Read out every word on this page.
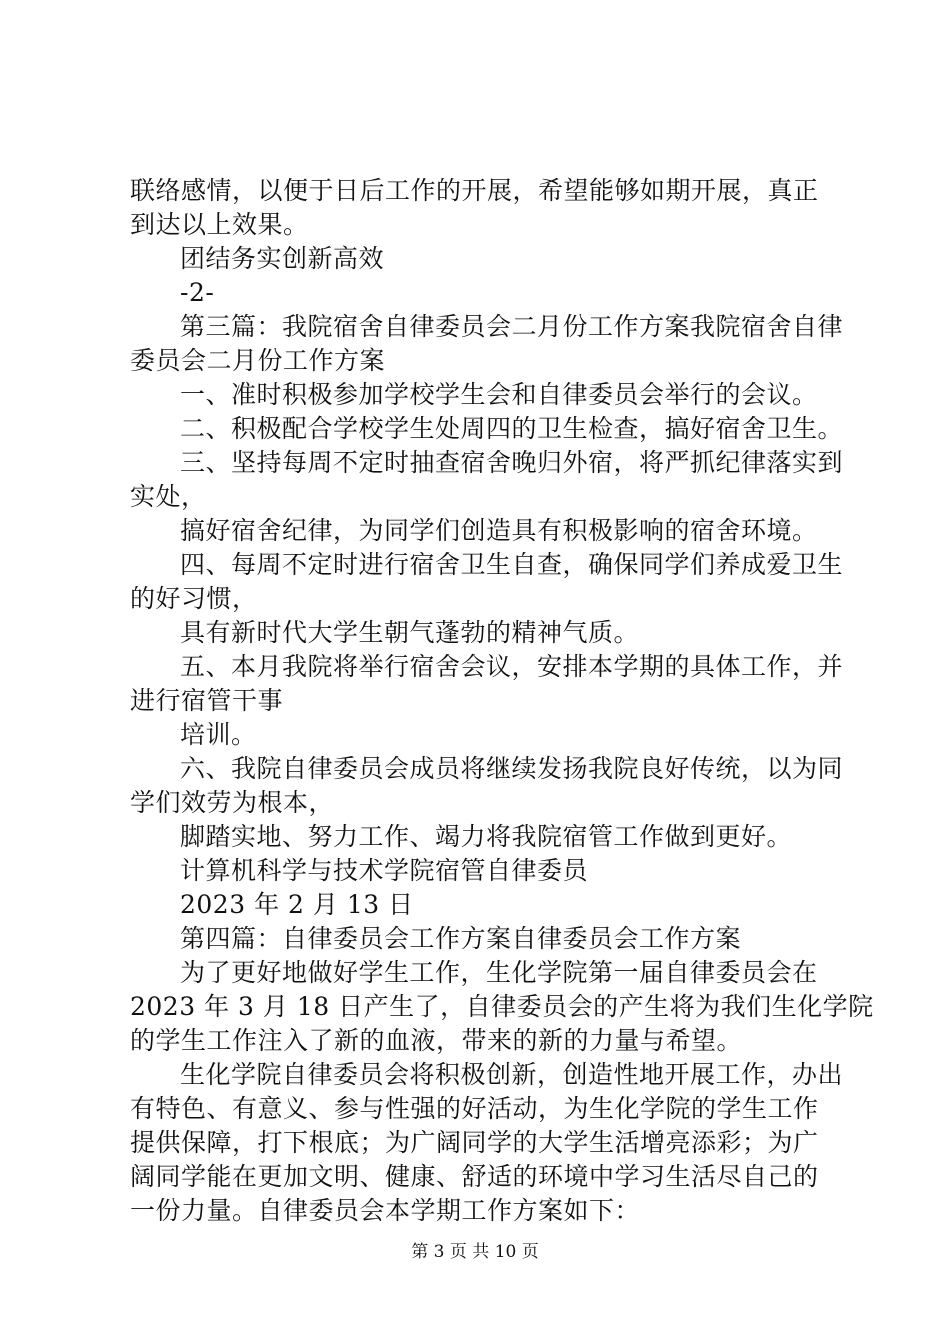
联络感情，以便于日后工作的开展，希望能够如期开展，真正
到达以上效果。
团结务实创新高效
-2-
第三篇：我院宿舍自律委员会二月份工作方案我院宿舍自律
委员会二月份工作方案
一、准时积极参加学校学生会和自律委员会举行的会议。
二、积极配合学校学生处周四的卫生检查，搞好宿舍卫生。
三、坚持每周不定时抽查宿舍晚归外宿，将严抓纪律落实到
实处，
搞好宿舍纪律，为同学们创造具有积极影响的宿舍环境。
四、每周不定时进行宿舍卫生自查，确保同学们养成爱卫生
的好习惯，
具有新时代大学生朝气蓬勃的精神气质。
五、本月我院将举行宿舍会议，安排本学期的具体工作，并
进行宿管干事
培训。
六、我院自律委员会成员将继续发扬我院良好传统，以为同
学们效劳为根本，
脚踏实地、努力工作、竭力将我院宿管工作做到更好。
计算机科学与技术学院宿管自律委员
2023 年 2 月 13 日
第四篇：自律委员会工作方案自律委员会工作方案
为了更好地做好学生工作，生化学院第一届自律委员会在
2023 年 3 月 18 日产生了，自律委员会的产生将为我们生化学院
的学生工作注入了新的血液，带来的新的力量与希望。
生化学院自律委员会将积极创新，创造性地开展工作，办出
有特色、有意义、参与性强的好活动，为生化学院的学生工作
提供保障，打下根底；为广阔同学的大学生活增亮添彩；为广
阔同学能在更加文明、健康、舒适的环境中学习生活尽自己的
一份力量。自律委员会本学期工作方案如下：
第 3 页 共 10 页
